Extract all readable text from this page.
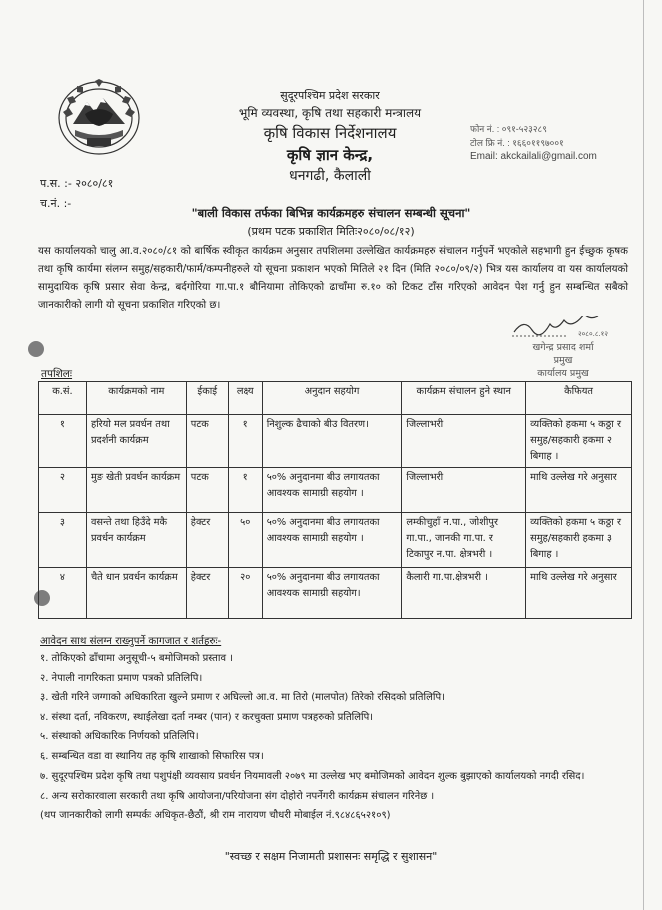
सुदूरपश्चिम प्रदेश सरकार
भूमि व्यवस्था, कृषि तथा सहकारी मन्त्रालय
कृषि विकास निर्देशनालय
कृषि ज्ञान केन्द्र,
धनगढी, कैलाली
फोन नं. : ०९१-५२३२८९
टोल फ्रि नं. : १६६०११९७००१
Email: akckailali@gmail.com
प.स. :- २०८०/८१
च.नं. :-
"बाली विकास तर्फका बिभिन्न कार्यक्रमहरु संचालन सम्बन्धी सूचना"
(प्रथम पटक प्रकाशित मितिः२०८०/०८/१२)
यस कार्यालयको चालु आ.व.२०८०/८१ को बार्षिक स्वीकृत कार्यक्रम अनुसार तपशिलमा उल्लेखित कार्यक्रमहरु संचालन गर्नुपर्ने भएकोले सहभागी हुन ईच्छुक कृषक तथा कृषि कार्यमा संलग्न समुह/सहकारी/फार्म/कम्पनीहरुले यो सूचना प्रकाशन भएको मितिले २१ दिन (मिति २०८०/०९/२) भित्र यस कार्यालय वा यस कार्यालयको सामुदायिक कृषि प्रसार सेवा केन्द्र, बर्दगोरिया गा.पा.१ बौनियामा तोकिएको ढाचाँमा रु.१० को टिकट टाँस गरिएको आवेदन पेश गर्नु हुन सम्बन्धित सबैको जानकारीको लागी यो सूचना प्रकाशित गरिएको छ।
२०८०.८.१२
खगेन्द्र प्रसाद शर्मा
प्रमुख
कार्यालय प्रमुख
तपशिलः
क.सं.	कार्यक्रमको नाम	ईकाई	लक्ष्य	अनुदान सहयोग	कार्यक्रम संचालन हुने स्थान	कैफियत
१	हरियो मल प्रवर्धन तथा प्रदर्शनी कार्यक्रम	पटक	१	निशुल्क ढैचाको बीउ वितरण।	जिल्लाभरी	व्यक्तिको हकमा ५ कठ्ठा र समुह/सहकारी हकमा २ बिगाह ।
२	मुङ खेती प्रवर्धन कार्यक्रम	पटक	१	५०% अनुदानमा बीउ लगायतका आवश्यक सामाग्री सहयोग ।	जिल्लाभरी	माथि उल्लेख गरे अनुसार
३	वसन्ते तथा हिउँदे मकै प्रवर्धन कार्यक्रम	हेक्टर	५०	५०% अनुदानमा बीउ लगायतका आवश्यक सामाग्री सहयोग ।	लम्कीचुहाँ न.पा., जोशीपुर गा.पा., जानकी गा.पा. र टिकापुर न.पा. क्षेत्रभरी ।	व्यक्तिको हकमा ५ कठ्ठा र समुह/सहकारी हकमा ३ बिगाह ।
४	चैते धान प्रवर्धन कार्यक्रम	हेक्टर	२०	५०% अनुदानमा बीउ लगायतका आवश्यक सामाग्री सहयोग।	कैलारी गा.पा.क्षेत्रभरी ।	माथि उल्लेख गरे अनुसार
आवेदन साथ संलग्न राख्नुपर्ने कागजात र शर्तहरुः-
१. तोकिएको ढाँचामा अनुसूची-५ बमोजिमको प्रस्ताव ।
२. नेपाली नागरिकता प्रमाण पत्रको प्रतिलिपि।
३. खेती गरिने जग्गाको अधिकारिता खुल्ने प्रमाण र अघिल्लो आ.व. मा तिरो (मालपोत) तिरेको रसिदको प्रतिलिपि।
४. संस्था दर्ता, नविकरण, स्थाईलेखा दर्ता नम्बर (पान) र करचुक्ता प्रमाण पत्रहरुको प्रतिलिपि।
५. संस्थाको अधिकारिक निर्णयको प्रतिलिपि।
६. सम्बन्धित वडा वा स्थानिय तह कृषि शाखाको सिफारिस पत्र।
७. सुदूरपश्चिम प्रदेश कृषि तथा पशुपंक्षी व्यवसाय प्रवर्धन नियमावली २०७९ मा उल्लेख भए बमोजिमको आवेदन शुल्क बुझाएको कार्यालयको नगदी रसिद।
८. अन्य सरोकारवाला सरकारी तथा कृषि आयोजना/परियोजना संग दोहोरो नपर्नेगरी कार्यक्रम संचालन गरिनेछ ।
(थप जानकारीको लागी सम्पर्कः अधिकृत-छैठौं, श्री राम नारायण चौधरी मोबाईल नं.९८४८६५२१०९)
"स्वच्छ र सक्षम निजामती प्रशासनः समृद्धि र सुशासन"
